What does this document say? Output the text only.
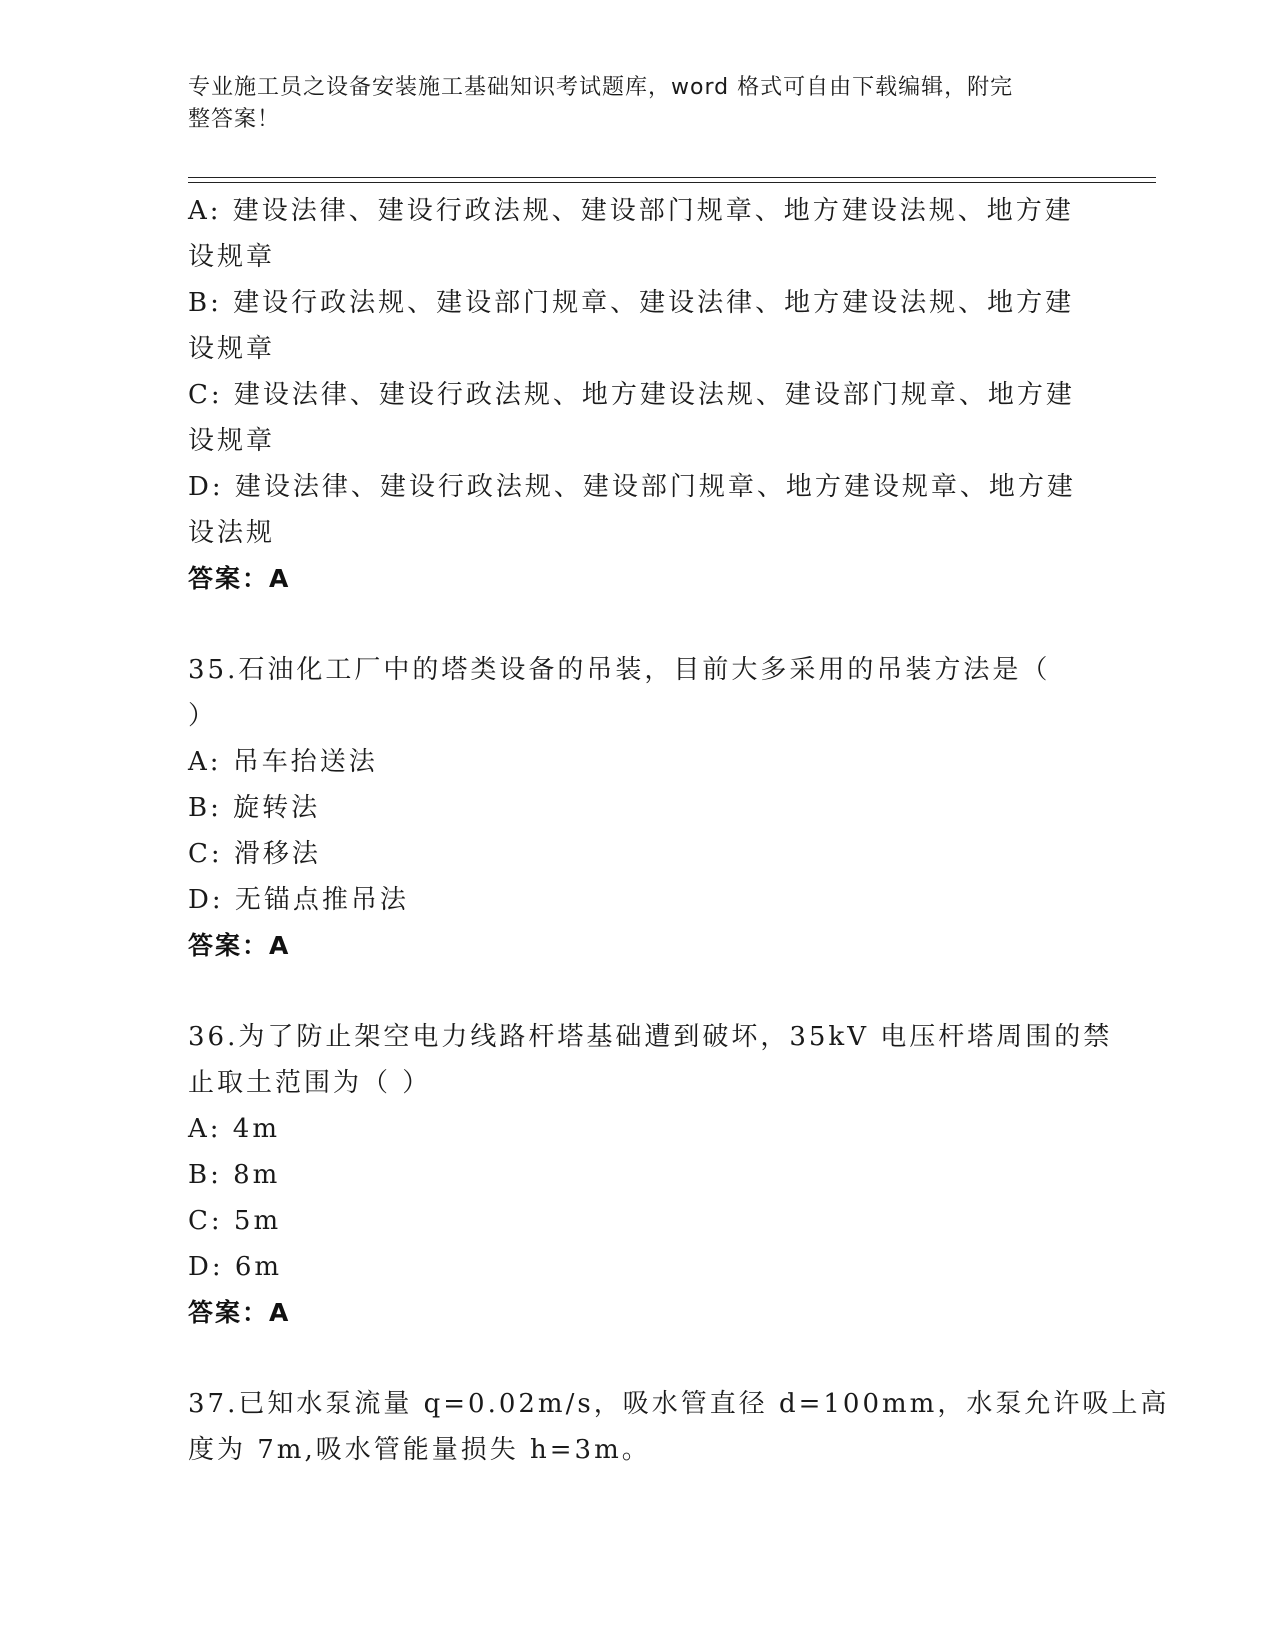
专业施工员之设备安装施工基础知识考试题库，word 格式可自由下载编辑，附完
整答案！
A: 建设法律、建设行政法规、建设部门规章、地方建设法规、地方建
设规章
B: 建设行政法规、建设部门规章、建设法律、地方建设法规、地方建
设规章
C: 建设法律、建设行政法规、地方建设法规、建设部门规章、地方建
设规章
D: 建设法律、建设行政法规、建设部门规章、地方建设规章、地方建
设法规
答案：A
35.石油化工厂中的塔类设备的吊装，目前大多采用的吊装方法是（
）
A: 吊车抬送法
B: 旋转法
C: 滑移法
D: 无锚点推吊法
答案：A
36.为了防止架空电力线路杆塔基础遭到破坏，35kV 电压杆塔周围的禁
止取土范围为（ ）
A: 4m
B: 8m
C: 5m
D: 6m
答案：A
37.已知水泵流量 q=0.02m/s，吸水管直径 d=100mm，水泵允许吸上高
度为 7m,吸水管能量损失 h=3m。
